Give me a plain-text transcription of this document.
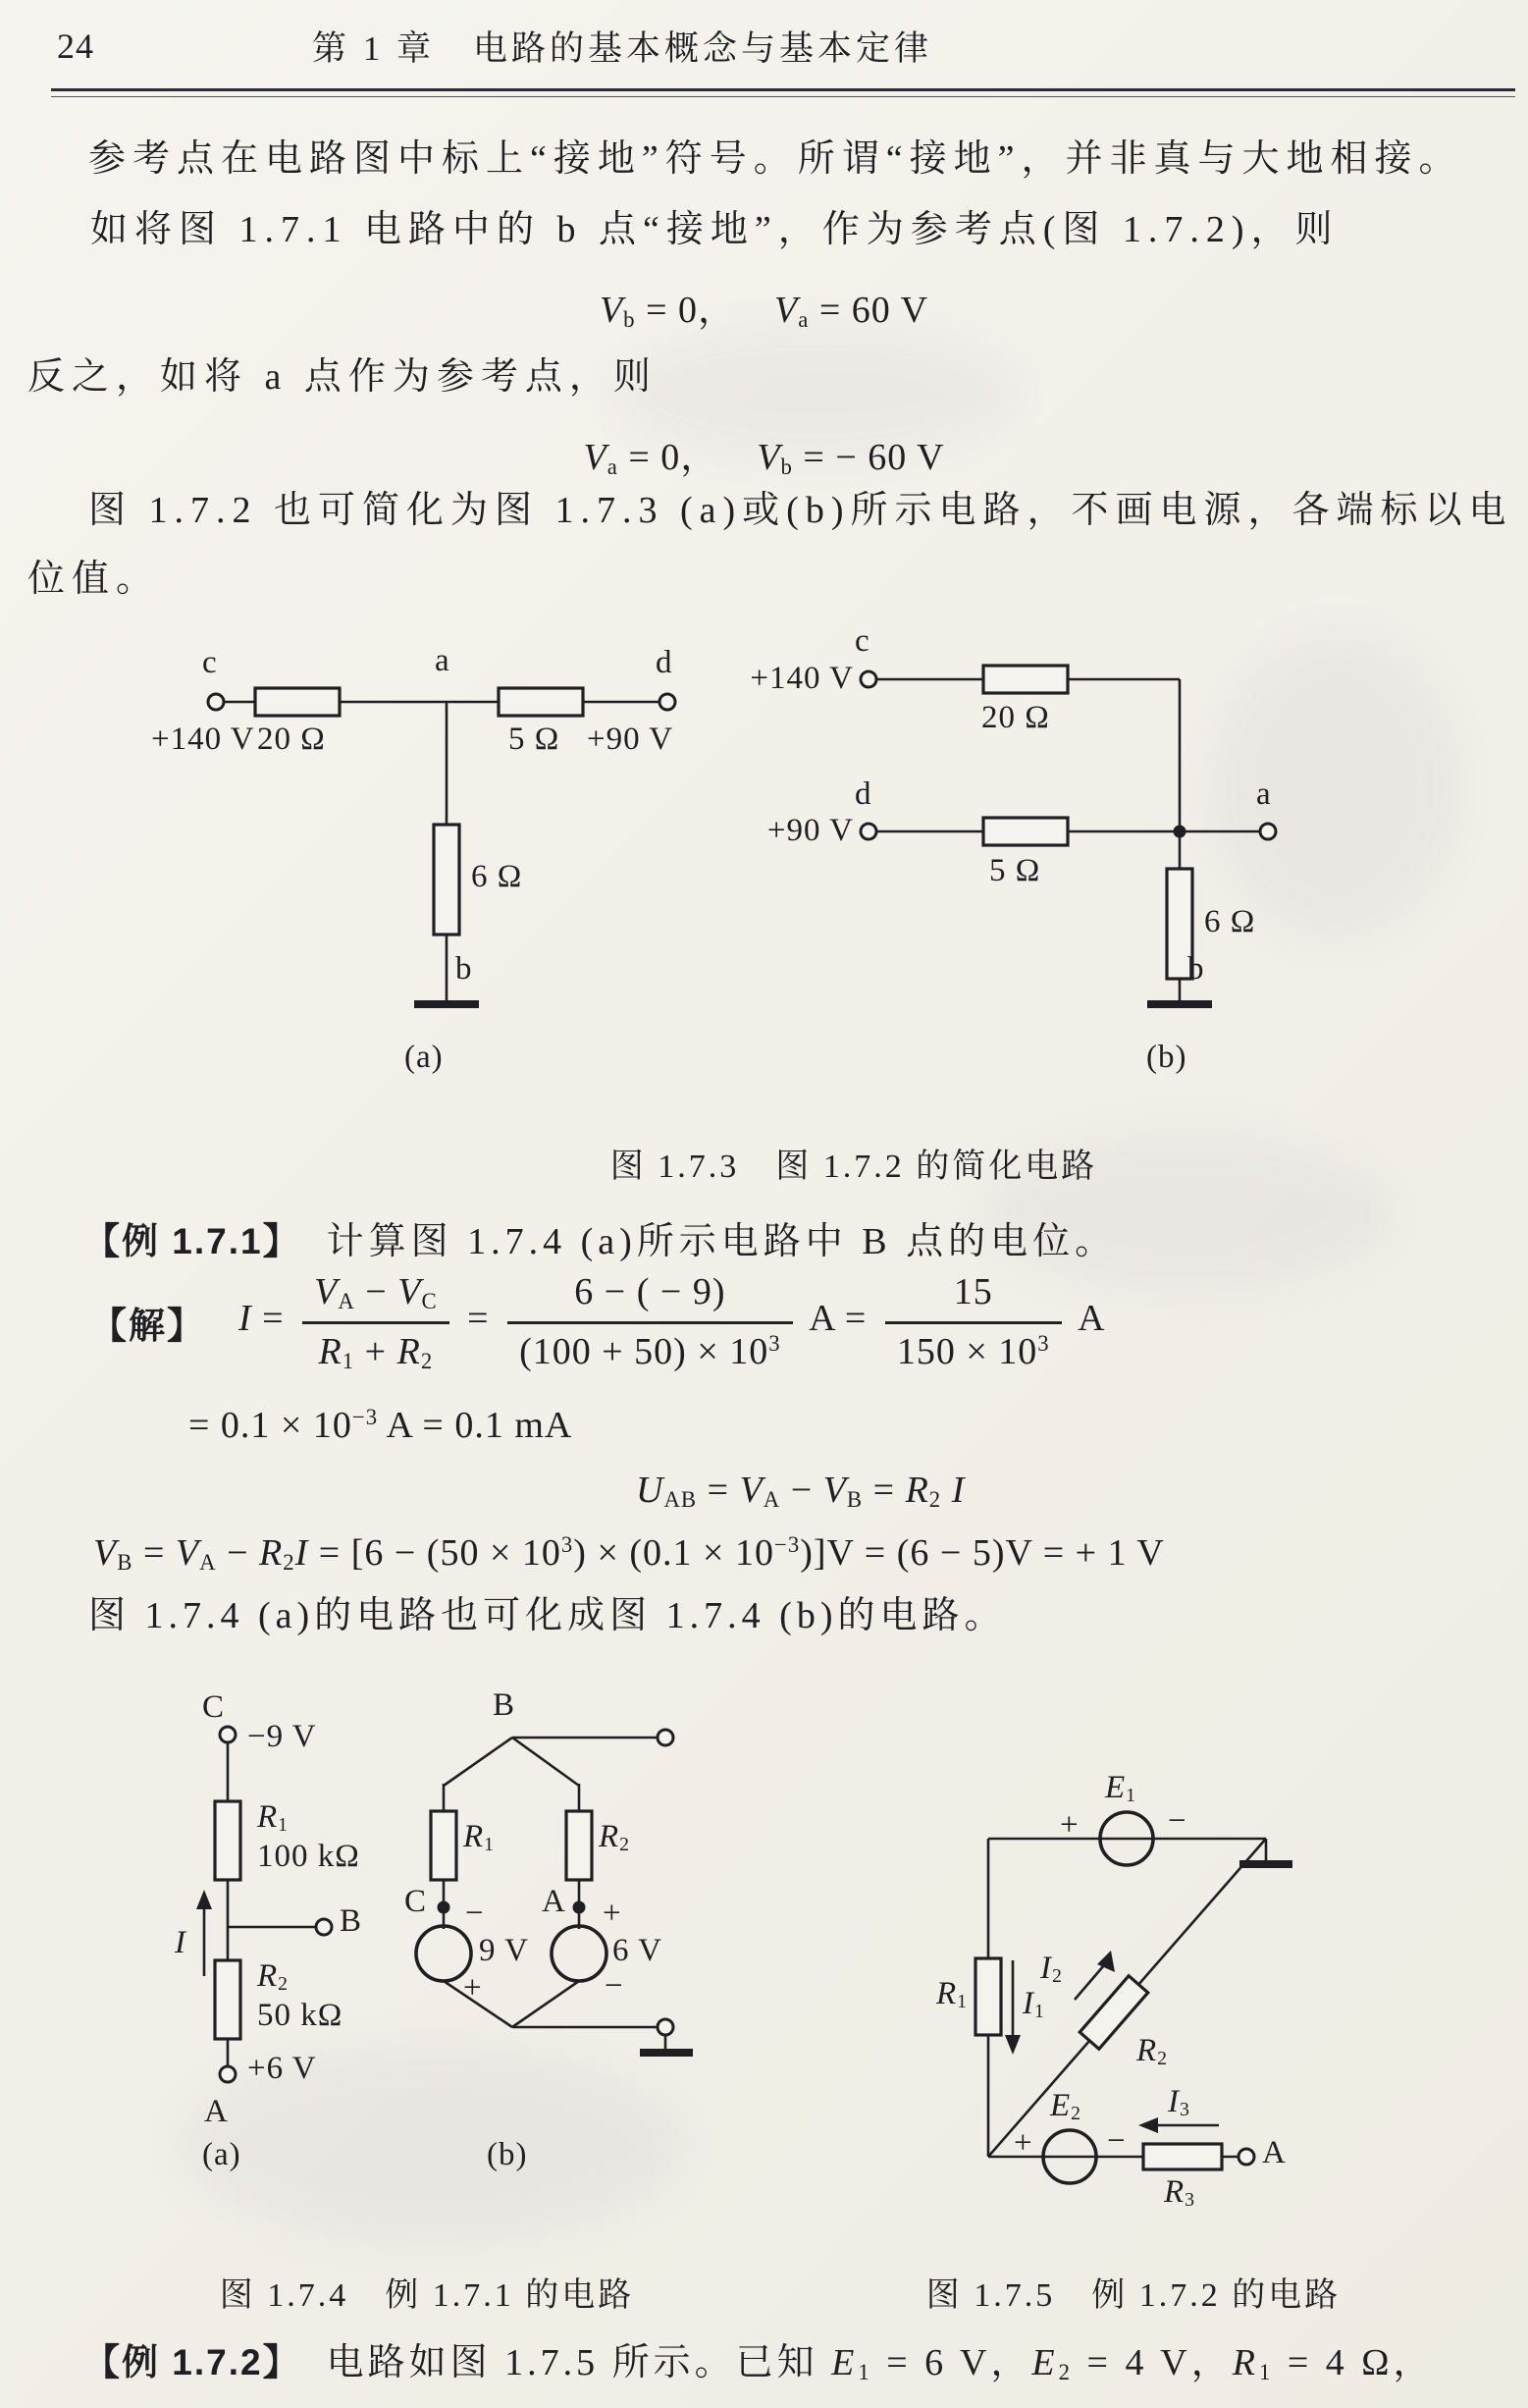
24	第 1 章　电路的基本概念与基本定律
参考点在电路图中标上“接地”符号。所谓“接地”，并非真与大地相接。
如将图 1.7.1 电路中的 b 点“接地”，作为参考点(图 1.7.2)，则
$V_b = 0$， $V_a = 60$ V
反之，如将 a 点作为参考点，则
$V_a = 0$， $V_b$ = − 60 V
图 1.7.2 也可简化为图 1.7.3 (a)或(b)所示电路，不画电源，各端标以电
位值。
c
+140 V 20 Ω
a
5 Ω
d
+90 V
6 Ω
b
(a)
c
+140 V
20 Ω
d
+90 V
5 Ω
a
6 Ω
b
(b)
图 1.7.3　图 1.7.2 的简化电路
【例 1.7.1】 计算图 1.7.4 (a)所示电路中 B 点的电位。
【解】 $I = \frac{V_A - V_C}{R_1 + R_2} = \frac{6 - ( - 9)}{(100 + 50) \times 10^3}$ $A = \frac{15}{150 \times 10^3}$ A
= $0.1 \times 10^{-3}$ A = 0.1 mA
$U_{AB} = V_A - V_B = R_2$ I
$V_B = V_A - R_2I = [6 - (50 \times 10^3) \times (0.1 \times 10^{-3})]V = (6 - 5)V$ = + 1 V
图 1.7.4 (a)的电路也可化成图 1.7.4 (b)的电路。
C
−9 V
$R_1$
100 kΩ
B
I
$R_2$
50 kΩ
+6 V
A
(a)
B
$R_1$	$R_2$
C	A
−
9 V
+
+
6 V
−
(b)
$E_1$
+	−
$R_1$ $I_1$
$I_2$
$R_2$
$E_2$
+ −
$I_3$
$R_3$
A
图 1.7.4　例 1.7.1 的电路	图 1.7.5　例 1.7.2 的电路
【例 1.7.2】 电路如图 1.7.5 所示。已知 $E_1 = 6$ V，$E_2 = 4$ V，$R_1 = 4$ Ω，
